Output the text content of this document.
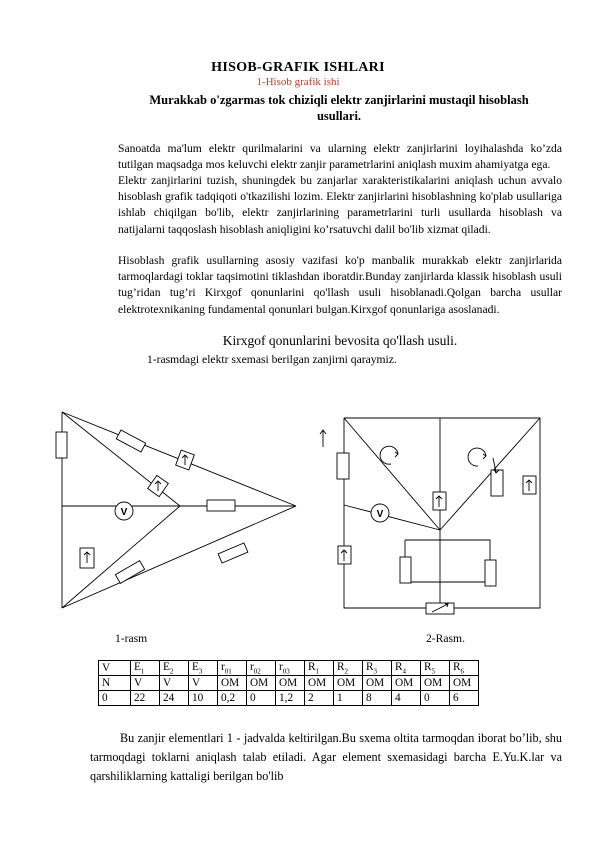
HISOB-GRAFIK ISHLARI
1-Hisob grafik ishi
Murakkab o'zgarmas tok chiziqli elektr zanjirlarini mustaqil hisoblash
usullari.
Sanoatda ma'lum elektr qurilmalarini va ularning elektr zanjirlarini loyihalashda ko’zda tutilgan maqsadga mos keluvchi elektr zanjir parametrlarini aniqlash muxim ahamiyatga ega.
Elektr zanjirlarini tuzish, shuningdek bu zanjarlar xarakteristikalarini aniqlash uchun avvalo hisoblash grafik tadqiqoti o'tkazilishi lozim. Elektr zanjirlarini hisoblashning ko'plab usullariga ishlab chiqilgan bo'lib, elektr zanjirlarining parametrlarini turli usullarda hisoblash va natijalarni taqqoslash hisoblash aniqligini ko’rsatuvchi dalil bo'lib xizmat qiladi.
Hisoblash grafik usullarning asosiy vazifasi ko'p manbalik murakkab elektr zanjirlarida tarmoqlardagi toklar taqsimotini tiklashdan iboratdir.Bunday zanjirlarda klassik hisoblash usuli tug’ridan tug’ri Kirxgof qonunlarini qo'llash usuli hisoblanadi.Qolgan barcha usullar elektrotexnikaning fundamental qonunlari bulgan.Kirxgof qonunlariga asoslanadi.
Kirxgof qonunlarini bevosita qo'llash usuli.
1-rasmdagi elektr sxemasi berilgan zanjirni qaraymiz.
V	V
1-rasm	2-Rasm.
V	$E_1$	$E_2$	$E_3$	$r_{01}$	$r_{02}$	$r_{03}$	$R_1$	$R_2$	$R_3$	$R_4$	$R_5$	$R_6$
N	V	V	V	OM	OM	OM	OM	OM	OM	OM	OM	OM
0	22	24	10	0,2	0	1,2	2	1	8	4	0	6
Bu zanjir elementlari 1 - jadvalda keltirilgan.Bu sxema oltita tarmoqdan iborat bo’lib, shu tarmoqdagi toklarni aniqlash talab etiladi. Agar element sxemasidagi barcha E.Yu.K.lar va qarshiliklarning kattaligi berilgan bo'lib
